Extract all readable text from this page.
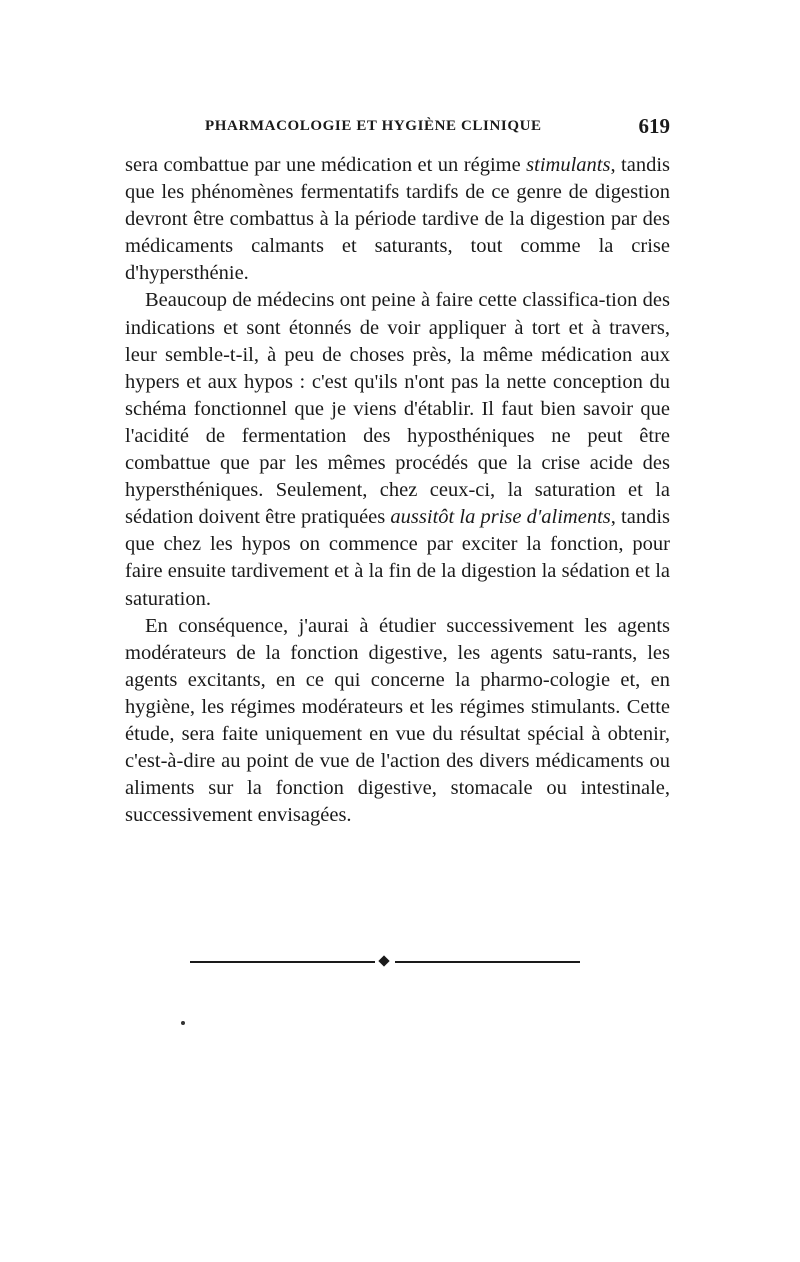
PHARMACOLOGIE ET HYGIÈNE CLINIQUE	619

sera combattue par une médication et un régime stimulants, tandis que les phénomènes fermentatifs tardifs de ce genre de digestion devront être combattus à la période tardive de la digestion par des médicaments calmants et saturants, tout comme la crise d'hypersthénie.

Beaucoup de médecins ont peine à faire cette classifica-tion des indications et sont étonnés de voir appliquer à tort et à travers, leur semble-t-il, à peu de choses près, la même médication aux hypers et aux hypos : c'est qu'ils n'ont pas la nette conception du schéma fonctionnel que je viens d'établir. Il faut bien savoir que l'acidité de fermentation des hyposthéniques ne peut être combattue que par les mêmes procédés que la crise acide des hypersthéniques. Seulement, chez ceux-ci, la saturation et la sédation doivent être pratiquées aussitôt la prise d'aliments, tandis que chez les hypos on commence par exciter la fonction, pour faire ensuite tardivement et à la fin de la digestion la sédation et la saturation.

En conséquence, j'aurai à étudier successivement les agents modérateurs de la fonction digestive, les agents satu-rants, les agents excitants, en ce qui concerne la pharmo-cologie et, en hygiène, les régimes modérateurs et les régimes stimulants. Cette étude, sera faite uniquement en vue du résultat spécial à obtenir, c'est-à-dire au point de vue de l'action des divers médicaments ou aliments sur la fonction digestive, stomacale ou intestinale, successivement envisagées.
